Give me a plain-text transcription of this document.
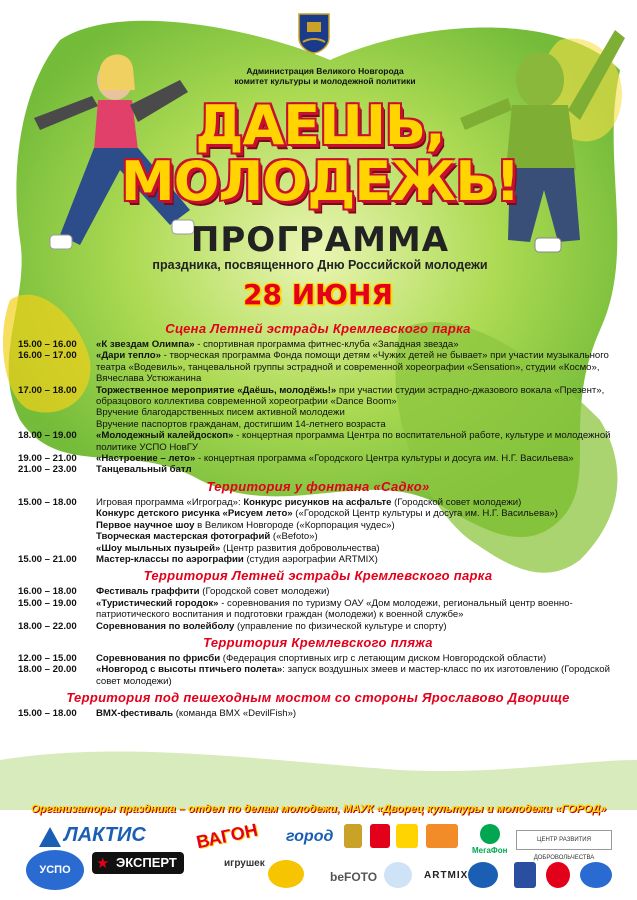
Администрация Великого Новгорода
комитет культуры и молодежной политики
ДАЕШЬ,
МОЛОДЕЖЬ!
ПРОГРАММА
праздника, посвященного Дню Российской молодежи
28 ИЮНЯ
Сцена Летней эстрады Кремлевского парка
15.00 – 16.00	«К звездам Олимпа» - спортивная программа фитнес-клуба «Западная звезда»
16.00 – 17.00	«Дари тепло» - творческая программа Фонда помощи детям «Чужих детей не бывает» при участии музыкального театра «Водевиль», танцевальной группы эстрадной и современной хореографии «Sensation», студии «Космо», Вячеслава Устюжанина
17.00 – 18.00	Торжественное мероприятие «Даёшь, молодёжь!» при участии студии эстрадно-джазового вокала «Презент», образцового коллектива современной хореографии «Dance Boom»
Вручение благодарственных писем активной молодежи
Вручение паспортов гражданам, достигшим 14-летнего возраста
18.00 – 19.00	«Молодежный калейдоскоп» - концертная программа Центра по воспитательной работе, культуре и молодежной политике УСПО НовГУ
19.00 – 21.00	«Настроение – лето» - концертная программа «Городского Центра культуры и досуга им. Н.Г. Васильева»
21.00 – 23.00	Танцевальный батл
Территория у фонтана «Садко»
15.00 – 18.00	Игровая программа «Игроград»: Конкурс рисунков на асфальте (Городской совет молодежи)
Конкурс детского рисунка «Рисуем лето» («Городской Центр культуры и досуга им. Н.Г. Васильева»)
Первое научное шоу в Великом Новгороде («Корпорация чудес»)
Творческая мастерская фотографий («Befoto»)
«Шоу мыльных пузырей» (Центр развития добровольчества)
15.00 – 21.00	Мастер-классы по аэрографии (студия аэрографии ARTMIX)
Территория Летней эстрады Кремлевского парка
16.00 – 18.00	Фестиваль граффити (Городской совет молодежи)
15.00 – 19.00	«Туристический городок» - соревнования по туризму ОАУ «Дом молодежи, региональный центр военно-патриотического воспитания и подготовки граждан (молодежи) к военной службе»
18.00 – 22.00	Соревнования по волейболу (управление по физической культуре и спорту)
Территория Кремлевского пляжа
12.00 – 15.00	Соревнования по фрисби (Федерация спортивных игр с летающим диском Новгородской области)
18.00 – 20.00	«Новгород с высоты птичьего полета»: запуск воздушных змеев и мастер-класс по их изготовлению (Городской совет молодежи)
Территория под пешеходным мостом со стороны Ярославово Дворище
15.00 – 18.00	BMX-фестиваль (команда BMX «DevilFish»)
Организаторы праздника – отдел по делам молодежи, МАУК «Дворец культуры и молодежи «ГОРОД»
ЛАКТИС
★ ЭКСПЕРТ
УСПО
ВАГОН
игрушек
город
МегаФон
ЦЕНТР РАЗВИТИЯ ДОБРОВОЛЬЧЕСТВА
beFOTO	ARTMIX
